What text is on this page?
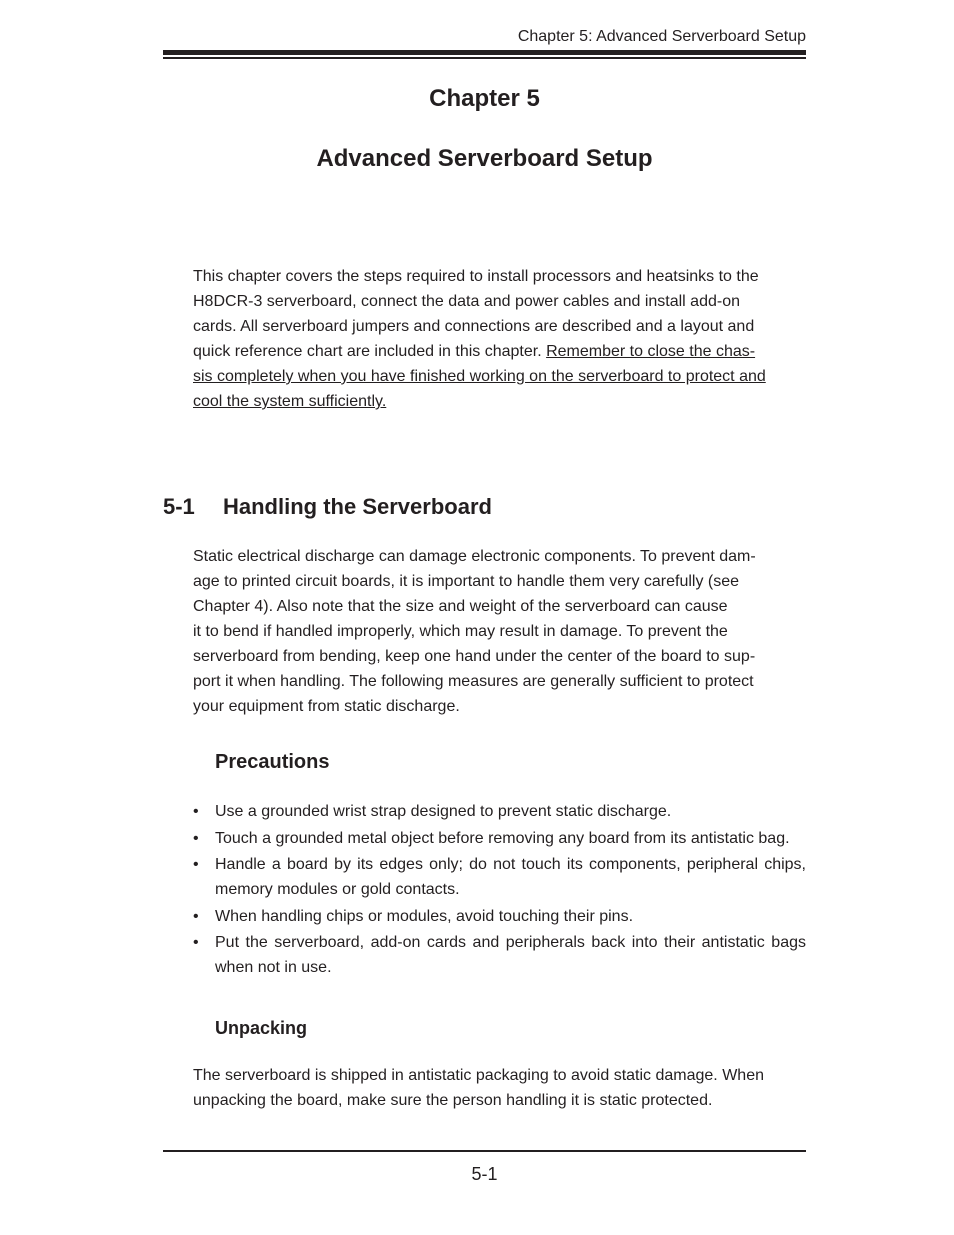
Chapter 5: Advanced Serverboard Setup
Chapter 5
Advanced Serverboard Setup

This chapter covers the steps required to install processors and heatsinks to the
H8DCR-3 serverboard, connect the data and power cables and install add-on
cards. All serverboard jumpers and connections are described and a layout and
quick reference chart are included in this chapter. Remember to close the chas-
sis completely when you have finished working on the serverboard to protect and
cool the system sufficiently.

5-1 Handling the Serverboard

Static electrical discharge can damage electronic components. To prevent dam-
age to printed circuit boards, it is important to handle them very carefully (see
Chapter 4). Also note that the size and weight of the serverboard can cause
it to bend if handled improperly, which may result in damage. To prevent the
serverboard from bending, keep one hand under the center of the board to sup-
port it when handling. The following measures are generally sufficient to protect
your equipment from static discharge.

Precautions
• Use a grounded wrist strap designed to prevent static discharge.
• Touch a grounded metal object before removing any board from its antistatic bag.
• Handle a board by its edges only; do not touch its components, peripheral chips, memory modules or gold contacts.
• When handling chips or modules, avoid touching their pins.
• Put the serverboard, add-on cards and peripherals back into their antistatic bags when not in use.
Unpacking

The serverboard is shipped in antistatic packaging to avoid static damage. When
unpacking the board, make sure the person handling it is static protected.

5-1
